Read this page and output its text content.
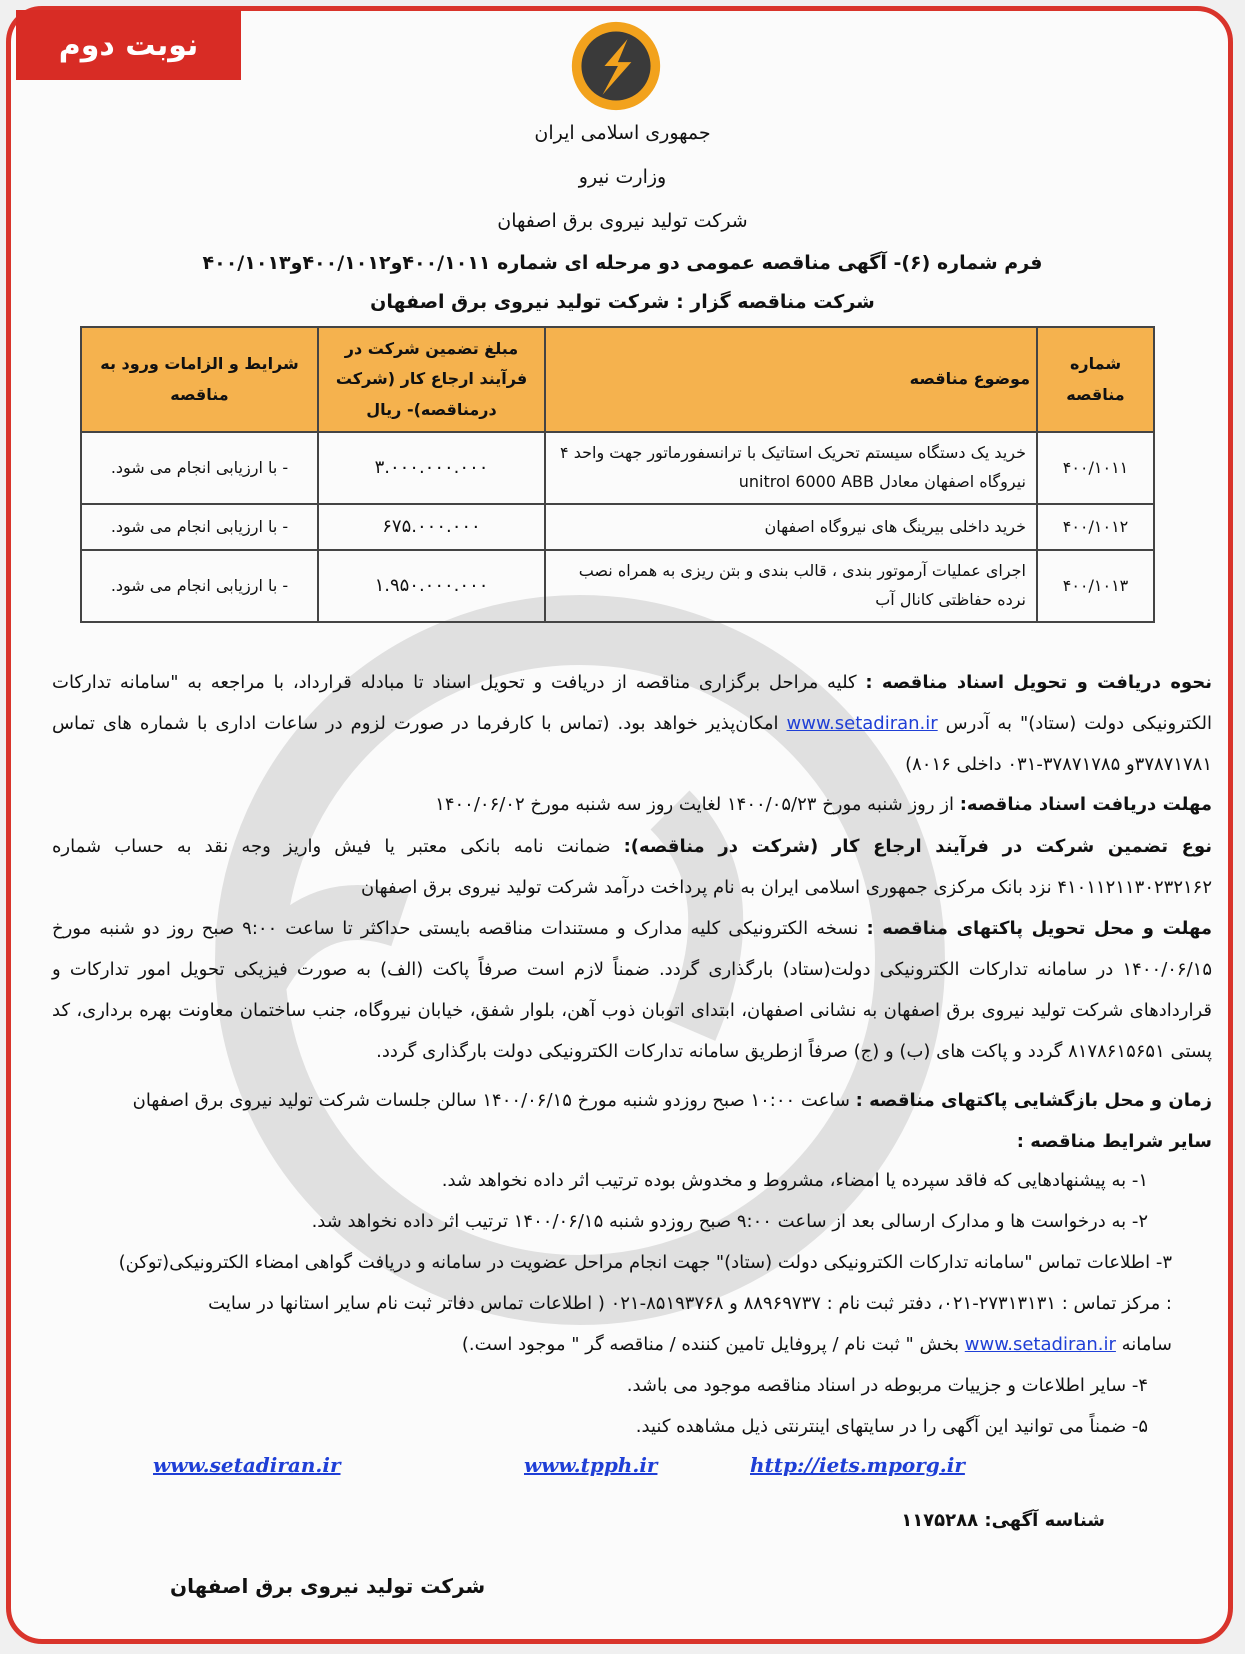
نوبت دوم
جمهوری اسلامی ایران
وزارت نیرو
شرکت تولید نیروی برق اصفهان
فرم شماره (۶)- آگهی مناقصه عمومی دو مرحله ای شماره ۴۰۰/۱۰۱۱و۴۰۰/۱۰۱۲و۴۰۰/۱۰۱۳
شرکت مناقصه گزار : شرکت تولید نیروی برق اصفهان
شماره مناقصه	موضوع مناقصه	مبلغ تضمین شرکت در فرآیند ارجاع کار (شرکت درمناقصه)- ریال	شرایط و الزامات ورود به مناقصه
۴۰۰/۱۰۱۱	خرید یک دستگاه سیستم تحریک استاتیک با ترانسفورماتور جهت واحد ۴ نیروگاه اصفهان معادل unitrol 6000 ABB	۳.۰۰۰.۰۰۰.۰۰۰	- با ارزیابی انجام می شود.
۴۰۰/۱۰۱۲	خرید داخلی بیرینگ های نیروگاه اصفهان	۶۷۵.۰۰۰.۰۰۰	- با ارزیابی انجام می شود.
۴۰۰/۱۰۱۳	اجرای عملیات آرموتور بندی ، قالب بندی و بتن ریزی به همراه نصب نرده حفاظتی کانال آب	۱.۹۵۰.۰۰۰.۰۰۰	- با ارزیابی انجام می شود.
نحوه دریافت و تحویل اسناد مناقصه : کلیه مراحل برگزاری مناقصه از دریافت و تحویل اسناد تا مبادله قرارداد، با مراجعه به "سامانه تدارکات الکترونیکی دولت (ستاد)" به آدرس www.setadiran.ir امکان‌پذیر خواهد بود. (تماس با کارفرما در صورت لزوم در ساعات اداری با شماره های تماس ۳۷۸۷۱۷۸۱و ۳۷۸۷۱۷۸۵-۰۳۱ داخلی ۸۰۱۶)
مهلت دریافت اسناد مناقصه: از روز شنبه مورخ ۱۴۰۰/۰۵/۲۳ لغایت روز سه شنبه مورخ ۱۴۰۰/۰۶/۰۲
نوع تضمین شرکت در فرآیند ارجاع کار (شرکت در مناقصه): ضمانت نامه بانکی معتبر یا فیش واریز وجه نقد به حساب شماره ۴۱۰۱۱۲۱۱۳۰۲۳۲۱۶۲ نزد بانک مرکزی جمهوری اسلامی ایران به نام پرداخت درآمد شرکت تولید نیروی برق اصفهان
مهلت و محل تحویل پاکتهای مناقصه : نسخه الکترونیکی کلیه مدارک و مستندات مناقصه بایستی حداکثر تا ساعت ۹:۰۰ صبح روز دو شنبه مورخ ۱۴۰۰/۰۶/۱۵ در سامانه تدارکات الکترونیکی دولت(ستاد) بارگذاری گردد. ضمناً لازم است صرفاً پاکت (الف) به صورت فیزیکی تحویل امور تدارکات و قراردادهای شرکت تولید نیروی برق اصفهان به نشانی اصفهان، ابتدای اتوبان ذوب آهن، بلوار شفق، خیابان نیروگاه، جنب ساختمان معاونت بهره برداری، کد پستی ۸۱۷۸۶۱۵۶۵۱ گردد و پاکت های (ب) و (ج) صرفاً ازطریق سامانه تدارکات الکترونیکی دولت بارگذاری گردد.
زمان و محل بازگشایی پاکتهای مناقصه : ساعت ۱۰:۰۰ صبح روزدو شنبه مورخ ۱۴۰۰/۰۶/۱۵ سالن جلسات شرکت تولید نیروی برق اصفهان
سایر شرایط مناقصه :
۱- به پیشنهادهایی که فاقد سپرده یا امضاء، مشروط و مخدوش بوده ترتیب اثر داده نخواهد شد.
۲- به درخواست ها و مدارک ارسالی بعد از ساعت ۹:۰۰ صبح روزدو شنبه ۱۴۰۰/۰۶/۱۵ ترتیب اثر داده نخواهد شد.
۳- اطلاعات تماس "سامانه تدارکات الکترونیکی دولت (ستاد)" جهت انجام مراحل عضویت در سامانه و دریافت گواهی امضاء الکترونیکی(توکن)
: مرکز تماس : ۲۷۳۱۳۱۳۱-۰۲۱، دفتر ثبت نام : ۸۸۹۶۹۷۳۷ و ۸۵۱۹۳۷۶۸-۰۲۱ ( اطلاعات تماس دفاتر ثبت نام سایر استانها در سایت
سامانه www.setadiran.ir بخش " ثبت نام / پروفایل تامین کننده / مناقصه گر " موجود است.)
۴- سایر اطلاعات و جزییات مربوطه در اسناد مناقصه موجود می باشد.
۵- ضمناً می توانید این آگهی را در سایتهای اینترنتی ذیل مشاهده کنید.
www.setadiran.ir	www.tpph.ir	http://iets.mporg.ir
شناسه آگهی: ۱۱۷۵۲۸۸
شرکت تولید نیروی برق اصفهان
